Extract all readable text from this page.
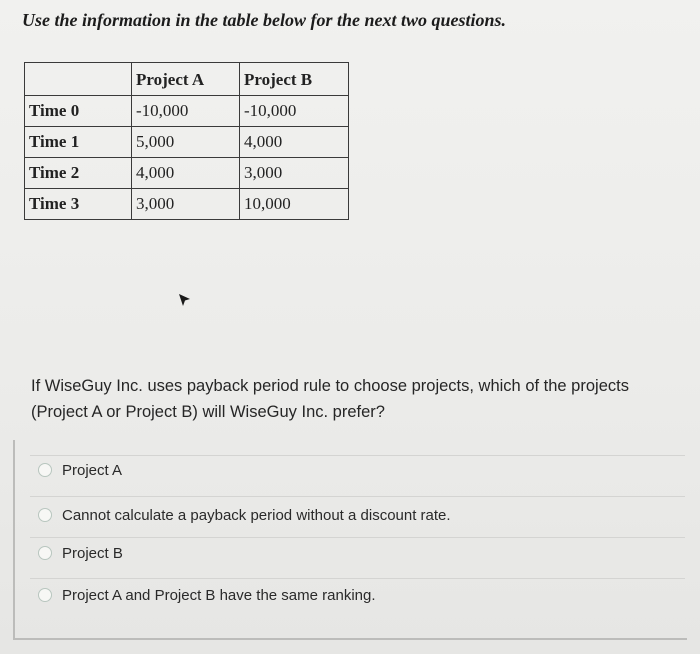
Use the information in the table below for the next two questions.
	Project A	Project B
Time 0	-10,000	-10,000
Time 1	5,000	4,000
Time 2	4,000	3,000
Time 3	3,000	10,000
If WiseGuy Inc. uses payback period rule to choose projects, which of the projects (Project A or Project B) will WiseGuy Inc. prefer?
Project A
Cannot calculate a payback period without a discount rate.
Project B
Project A and Project B have the same ranking.
